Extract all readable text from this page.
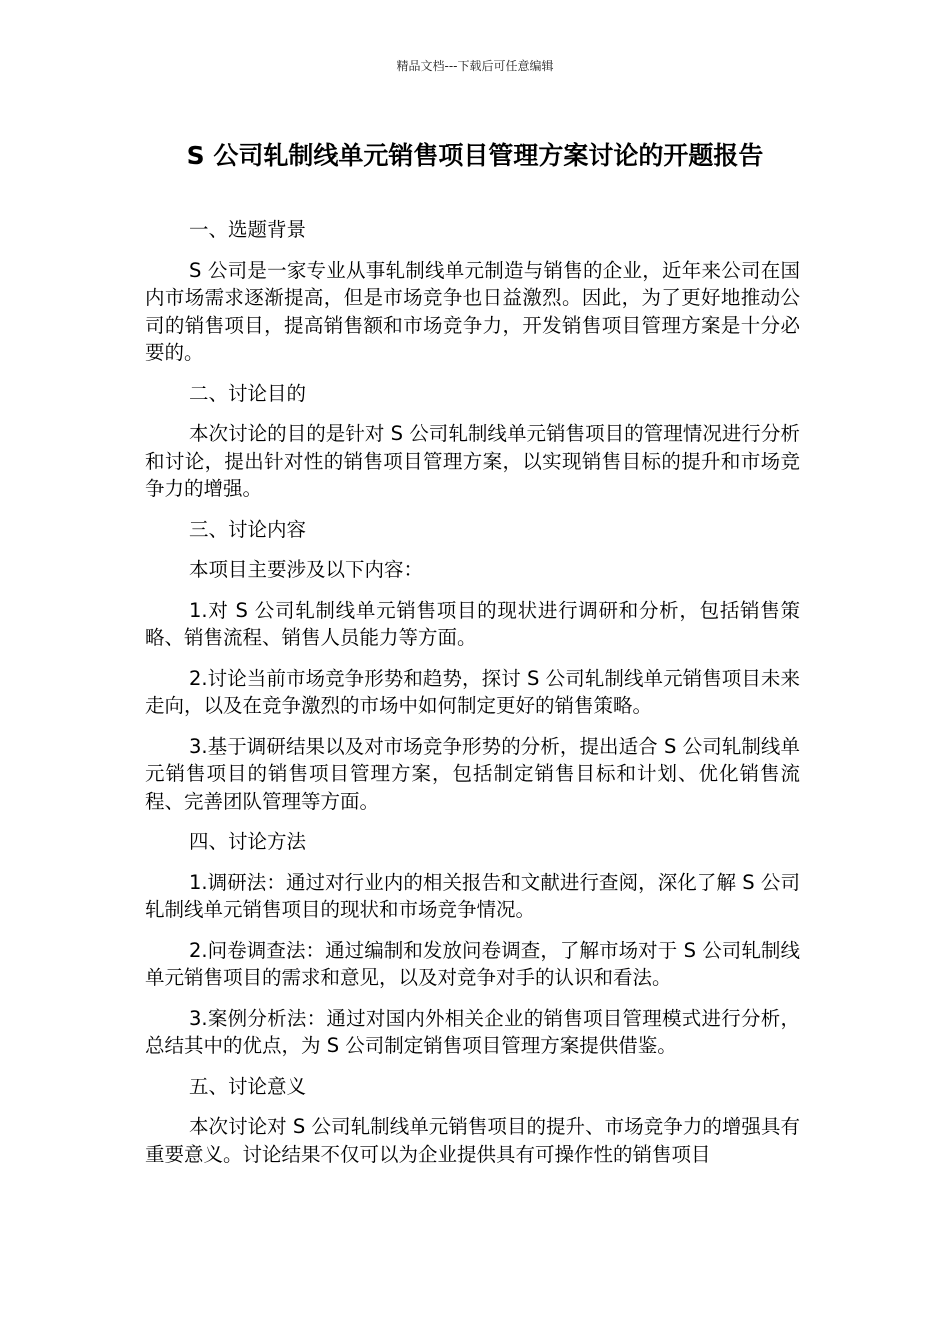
精品文档---下载后可任意编辑
S 公司轧制线单元销售项目管理方案讨论的开题报告

一、选题背景

S 公司是一家专业从事轧制线单元制造与销售的企业，近年来公司在国内市场需求逐渐提高，但是市场竞争也日益激烈。因此，为了更好地推动公司的销售项目，提高销售额和市场竞争力，开发销售项目管理方案是十分必要的。

二、讨论目的

本次讨论的目的是针对 S 公司轧制线单元销售项目的管理情况进行分析和讨论，提出针对性的销售项目管理方案，以实现销售目标的提升和市场竞争力的增强。

三、讨论内容

本项目主要涉及以下内容：

1.对 S 公司轧制线单元销售项目的现状进行调研和分析，包括销售策略、销售流程、销售人员能力等方面。

2.讨论当前市场竞争形势和趋势，探讨 S 公司轧制线单元销售项目未来走向，以及在竞争激烈的市场中如何制定更好的销售策略。

3.基于调研结果以及对市场竞争形势的分析，提出适合 S 公司轧制线单元销售项目的销售项目管理方案，包括制定销售目标和计划、优化销售流程、完善团队管理等方面。

四、讨论方法

1.调研法：通过对行业内的相关报告和文献进行查阅，深化了解 S 公司轧制线单元销售项目的现状和市场竞争情况。

2.问卷调查法：通过编制和发放问卷调查，了解市场对于 S 公司轧制线单元销售项目的需求和意见，以及对竞争对手的认识和看法。

3.案例分析法：通过对国内外相关企业的销售项目管理模式进行分析，总结其中的优点，为 S 公司制定销售项目管理方案提供借鉴。

五、讨论意义

本次讨论对 S 公司轧制线单元销售项目的提升、市场竞争力的增强具有重要意义。讨论结果不仅可以为企业提供具有可操作性的销售项目
